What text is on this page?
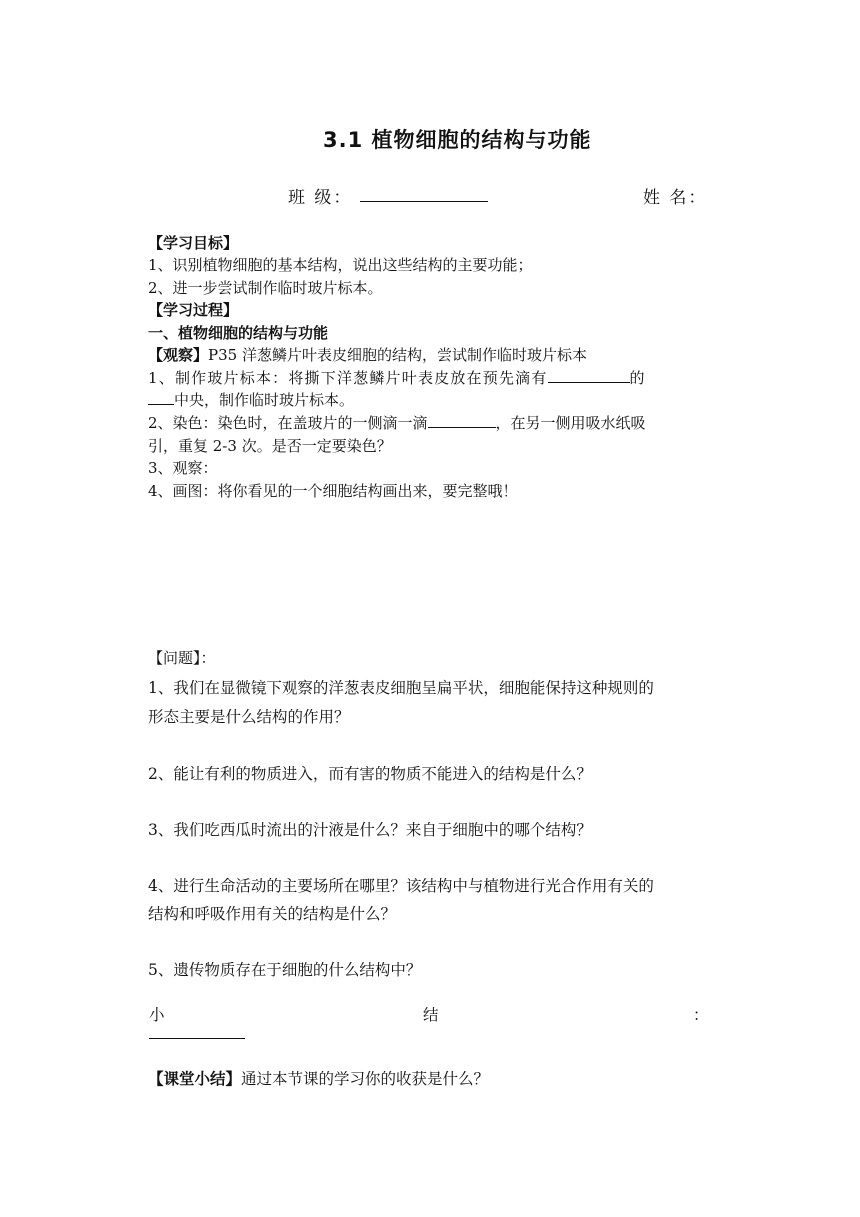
3.1 植物细胞的结构与功能
班 级：	姓 名：
【学习目标】
1、识别植物细胞的基本结构，说出这些结构的主要功能；
2、进一步尝试制作临时玻片标本。
【学习过程】
一、植物细胞的结构与功能
【观察】P35 洋葱鳞片叶表皮细胞的结构，尝试制作临时玻片标本
1、制作玻片标本：将撕下洋葱鳞片叶表皮放在预先滴有	的
中央，制作临时玻片标本。
2、染色：染色时，在盖玻片的一侧滴一滴	，在另一侧用吸水纸吸
引，重复 2-3 次。是否一定要染色？
3、观察：
4、画图：将你看见的一个细胞结构画出来，要完整哦！
【问题】：
1、我们在显微镜下观察的洋葱表皮细胞呈扁平状，细胞能保持这种规则的
形态主要是什么结构的作用？
2、能让有利的物质进入，而有害的物质不能进入的结构是什么？
3、我们吃西瓜时流出的汁液是什么？来自于细胞中的哪个结构？
4、进行生命活动的主要场所在哪里？该结构中与植物进行光合作用有关的
结构和呼吸作用有关的结构是什么？
5、遗传物质存在于细胞的什么结构中？
小	结	：
【课堂小结】通过本节课的学习你的收获是什么？
